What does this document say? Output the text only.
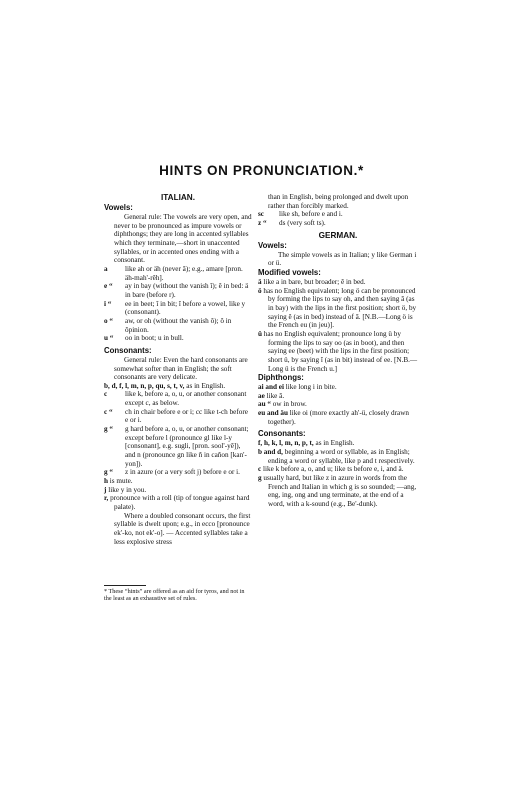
HINTS ON PRONUNCIATION.*
ITALIAN.
Vowels:
General rule: The vowels are very open, and never to be pronounced as impure vowels or diphthongs; they are long in accented syllables which they terminate,—short in unaccented syllables, or in accented ones ending with a consonant.
a	like ah or äh (never ā); e.g., amare [pron. äh-mah'-rĕh].
e “	ay in bay (without the vanish ĭ); ĕ in bed: ä in bare (before r).
i “	ee in beet; ĭ in bit; ĭ before a vowel, like y (consonant).
o “	aw, or oh (without the vanish ŏ); ŏ in ŏpinion.
u “	oo in boot; u in bull.
Consonants:
General rule: Even the hard consonants are somewhat softer than in English; the soft consonants are very delicate.
b, d, f, l, m, n, p, qu, s, t, v, as in English.
c	like k, before a, o, u, or another consonant except c, as below.
c “	ch in chair before e or i; cc like t-ch before e or i.
g “	g hard before a, o, u, or another consonant; except before l (pronounce gl like l-y [consonant], e.g. sugli, [pron. sool'-yē]), and n (pronounce gn like ñ in cañon [kan'-yon]).
g “	z in azure (or a very soft j) before e or i.
h is mute.
j like y in you.
r, pronounce with a roll (tip of tongue against hard palate).
Where a doubled consonant occurs, the first syllable is dwelt upon; e.g., in ecco [pronounce ek'-ko, not ek'-o]. — Accented syllables take a less explosive stress
* These “hints” are offered as an aid for tyros, and not in the least as an exhaustive set of rules.
than in English, being prolonged and dwelt upon rather than forcibly marked.
sc	like sh, before e and i.
z “	ds (very soft ts).
GERMAN.
Vowels:
The simple vowels as in Italian; y like German i or ü.
Modified vowels:
ä like a in bare, but broader; ĕ in bed.
ö has no English equivalent; long ö can be pronounced by forming the lips to say oh, and then saying ā (as in bay) with the lips in the first position; short ö, by saying ĕ (as in bed) instead of ā. [N.B.—Long ö is the French eu (in jeu)].
ü has no English equivalent; pronounce long ü by forming the lips to say oo (as in boot), and then saying ee (beet) with the lips in the first position; short ü, by saying ĭ (as in bit) instead of ee. [N.B.—Long ü is the French u.]
Diphthongs:
ai and ei like long i in bite.
ae like ā.
au “ ow in brow.
eu and äu like oi (more exactly ah'-ü, closely drawn together).
Consonants:
f, h, k, l, m, n, p, t, as in English.
b and d, beginning a word or syllable, as in English; ending a word or syllable, like p and t respectively.
c like k before a, o, and u; like ts before e, i, and ä.
g usually hard, but like z in azure in words from the French and Italian in which g is so sounded; —ang, eng, ing, ong and ung terminate, at the end of a word, with a k-sound (e.g., Be'-dunk).
